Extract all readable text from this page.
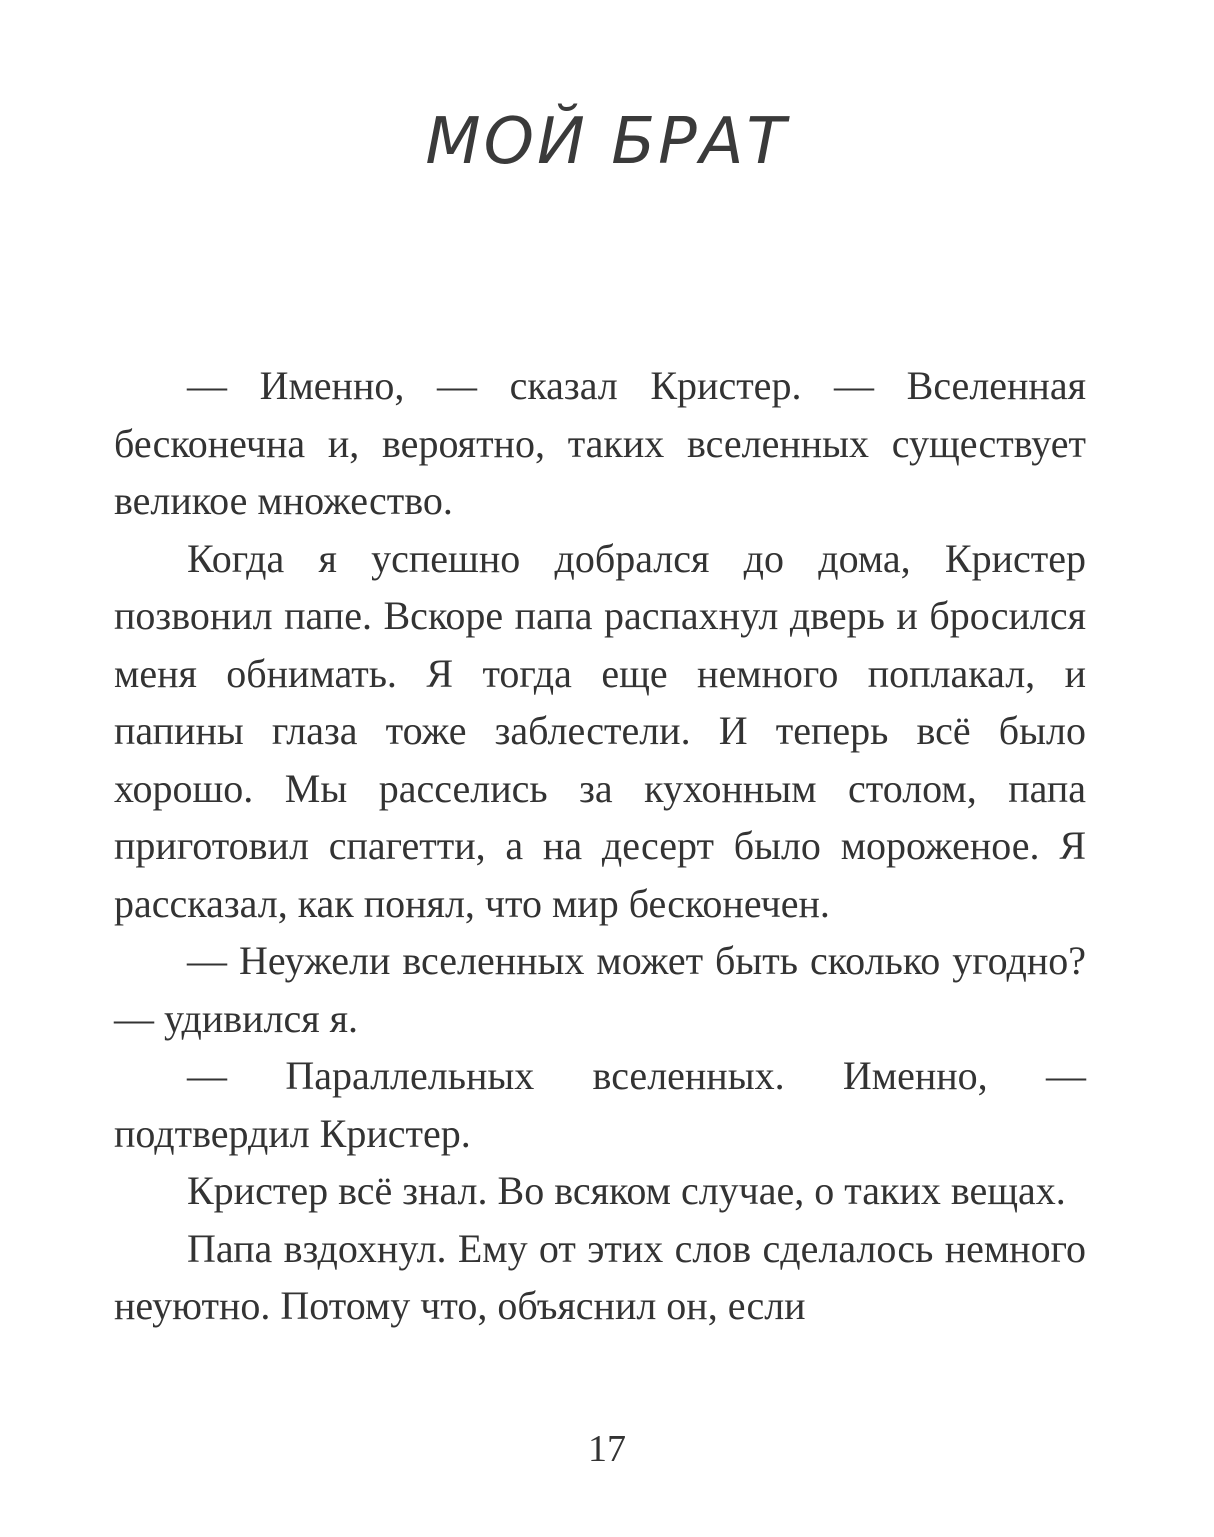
МОЙ БРАТ

— Именно, — сказал Кристер. — Вселенная бесконечна и, вероятно, таких вселенных существует великое множество.

Когда я успешно добрался до дома, Кристер позвонил папе. Вскоре папа распахнул дверь и бросился меня обнимать. Я тогда еще немного поплакал, и папины глаза тоже заблестели. И теперь всё было хорошо. Мы расселись за кухонным столом, папа приготовил спагетти, а на десерт было мороженое. Я рассказал, как понял, что мир бесконечен.

— Неужели вселенных может быть сколько угодно? — удивился я.

— Параллельных вселенных. Именно, — подтвердил Кристер.

Кристер всё знал. Во всяком случае, о таких вещах.

Папа вздохнул. Ему от этих слов сделалось немного неуютно. Потому что, объяснил он, если

17
